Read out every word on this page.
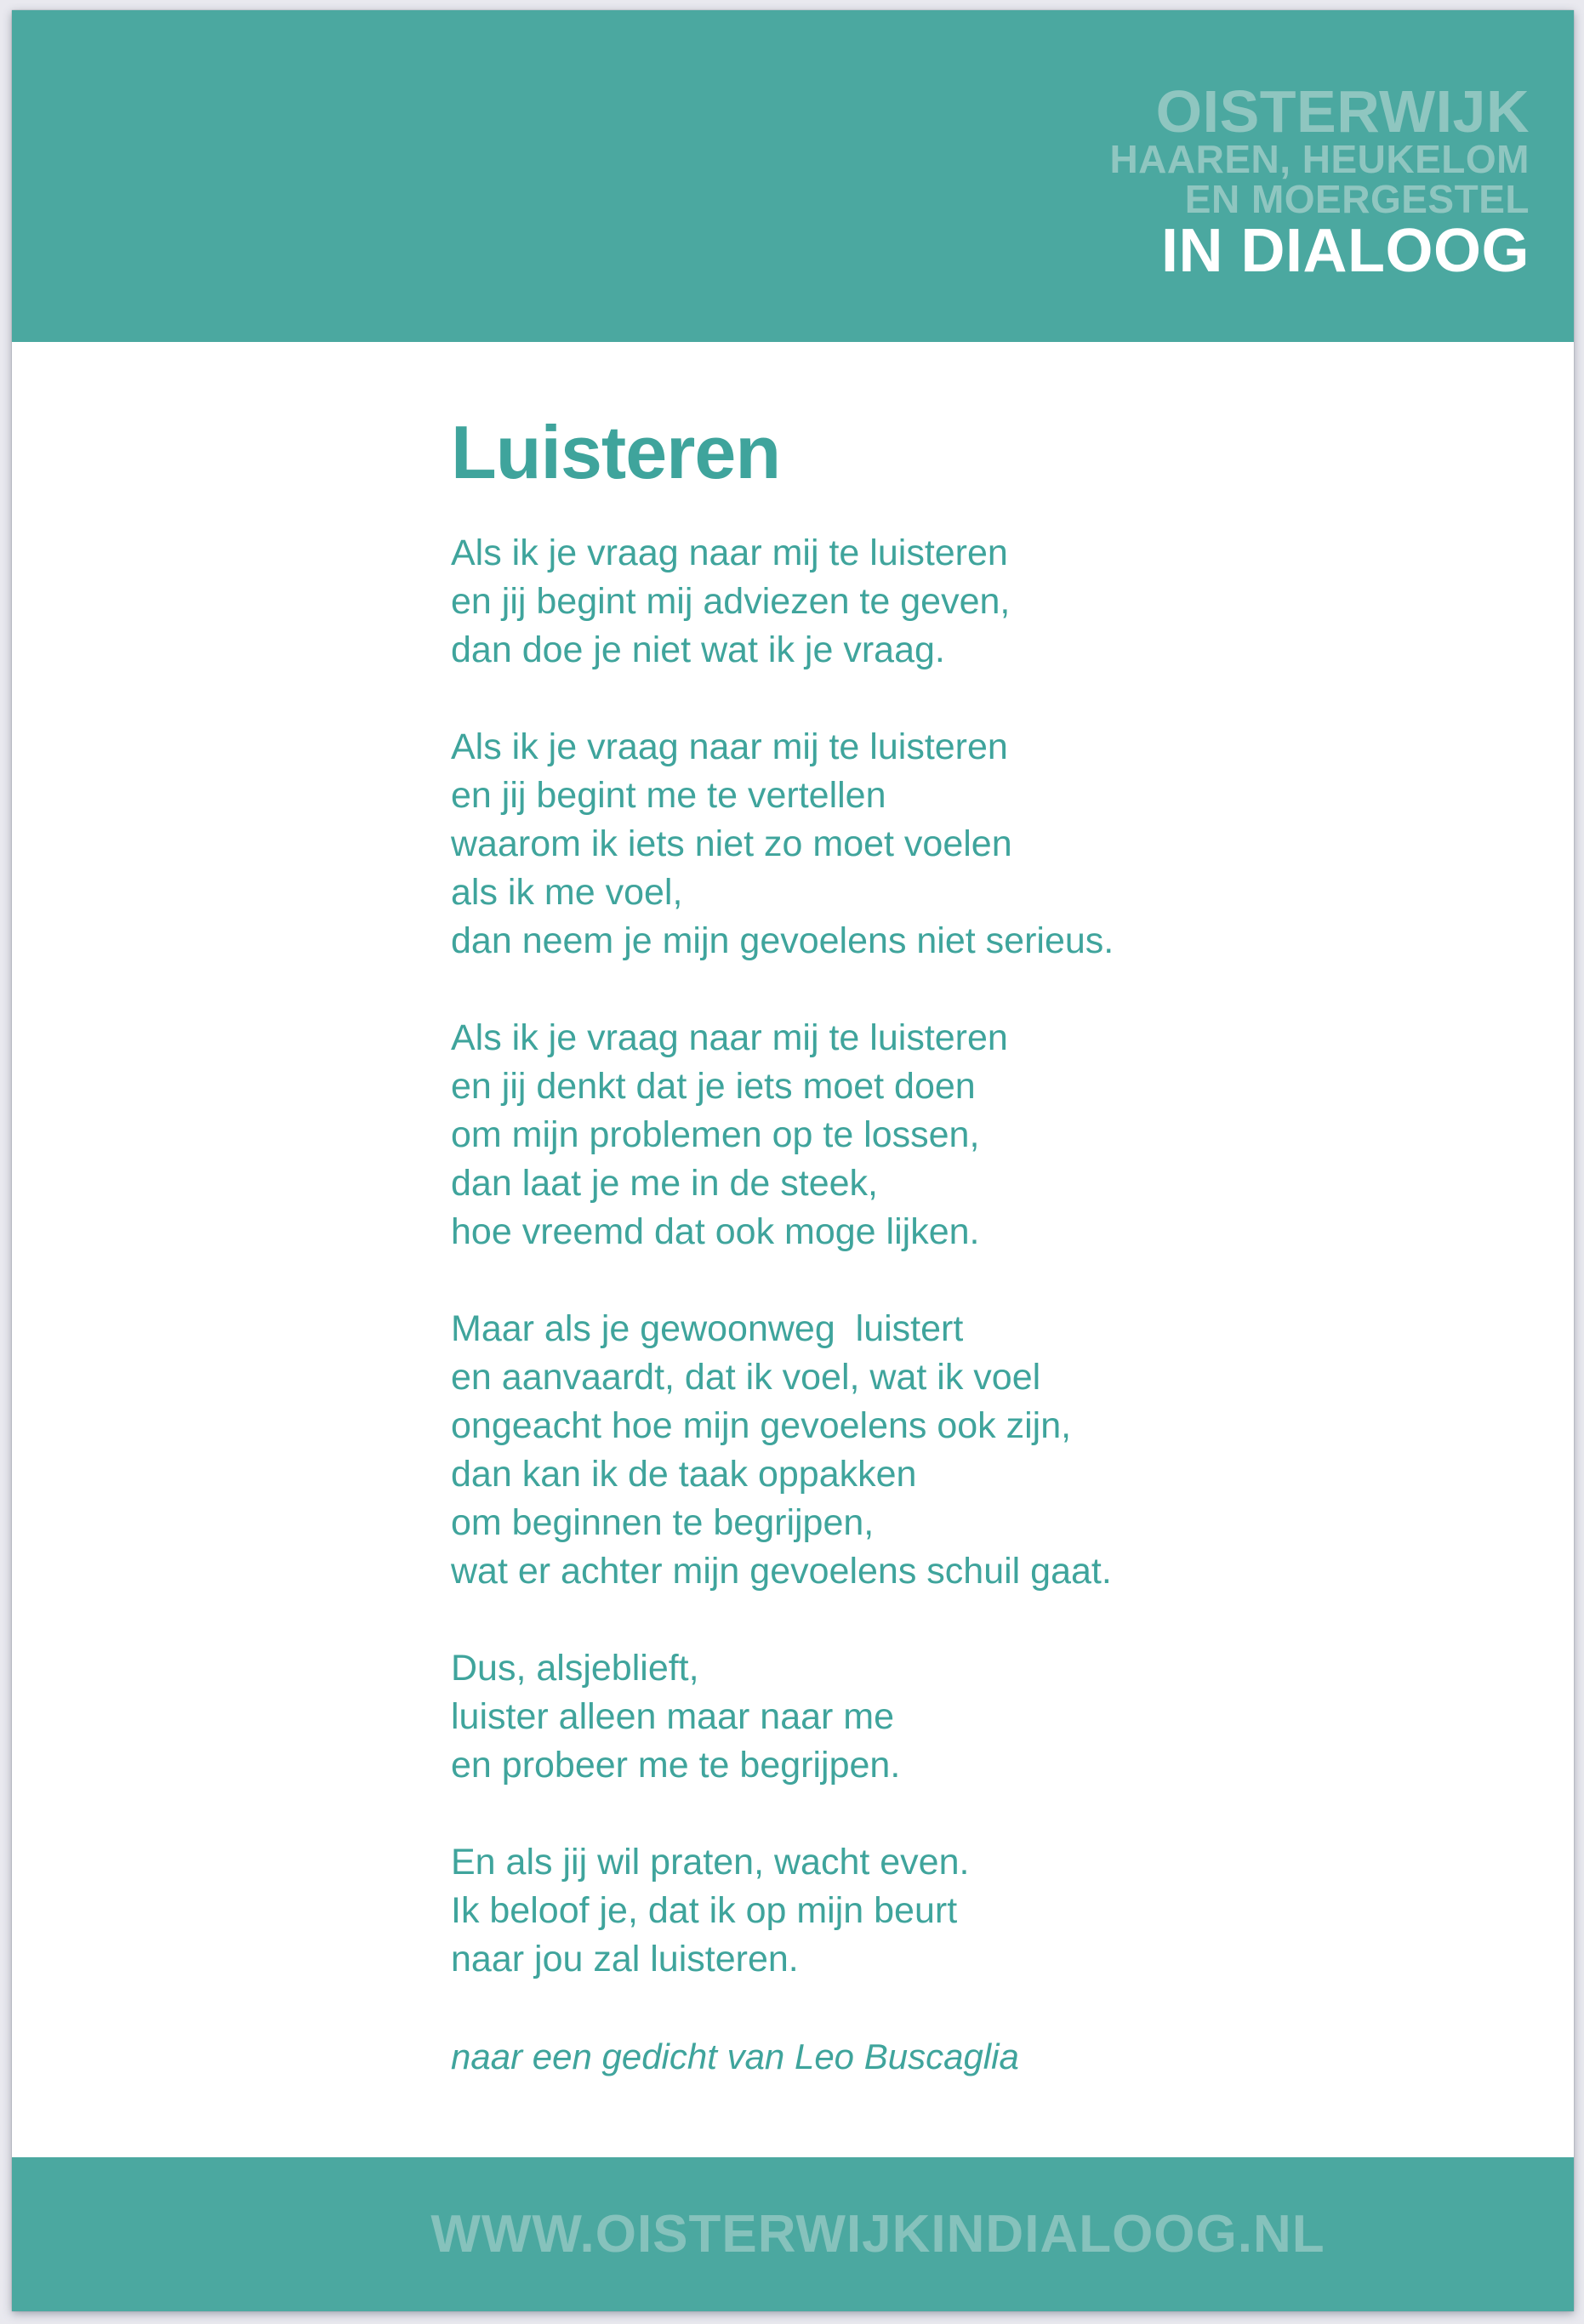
OISTERWIJK
HAAREN, HEUKELOM
EN MOERGESTEL
IN DIALOOG
Luisteren
Als ik je vraag naar mij te luisteren
en jij begint mij adviezen te geven,
dan doe je niet wat ik je vraag.
Als ik je vraag naar mij te luisteren
en jij begint me te vertellen
waarom ik iets niet zo moet voelen
als ik me voel,
dan neem je mijn gevoelens niet serieus.
Als ik je vraag naar mij te luisteren
en jij denkt dat je iets moet doen
om mijn problemen op te lossen,
dan laat je me in de steek,
hoe vreemd dat ook moge lijken.
Maar als je gewoonweg  luistert
en aanvaardt, dat ik voel, wat ik voel
ongeacht hoe mijn gevoelens ook zijn,
dan kan ik de taak oppakken
om beginnen te begrijpen,
wat er achter mijn gevoelens schuil gaat.
Dus, alsjeblieft,
luister alleen maar naar me
en probeer me te begrijpen.
En als jij wil praten, wacht even.
Ik beloof je, dat ik op mijn beurt
naar jou zal luisteren.

naar een gedicht van Leo Buscaglia

WWW.OISTERWIJKINDIALOOG.NL
